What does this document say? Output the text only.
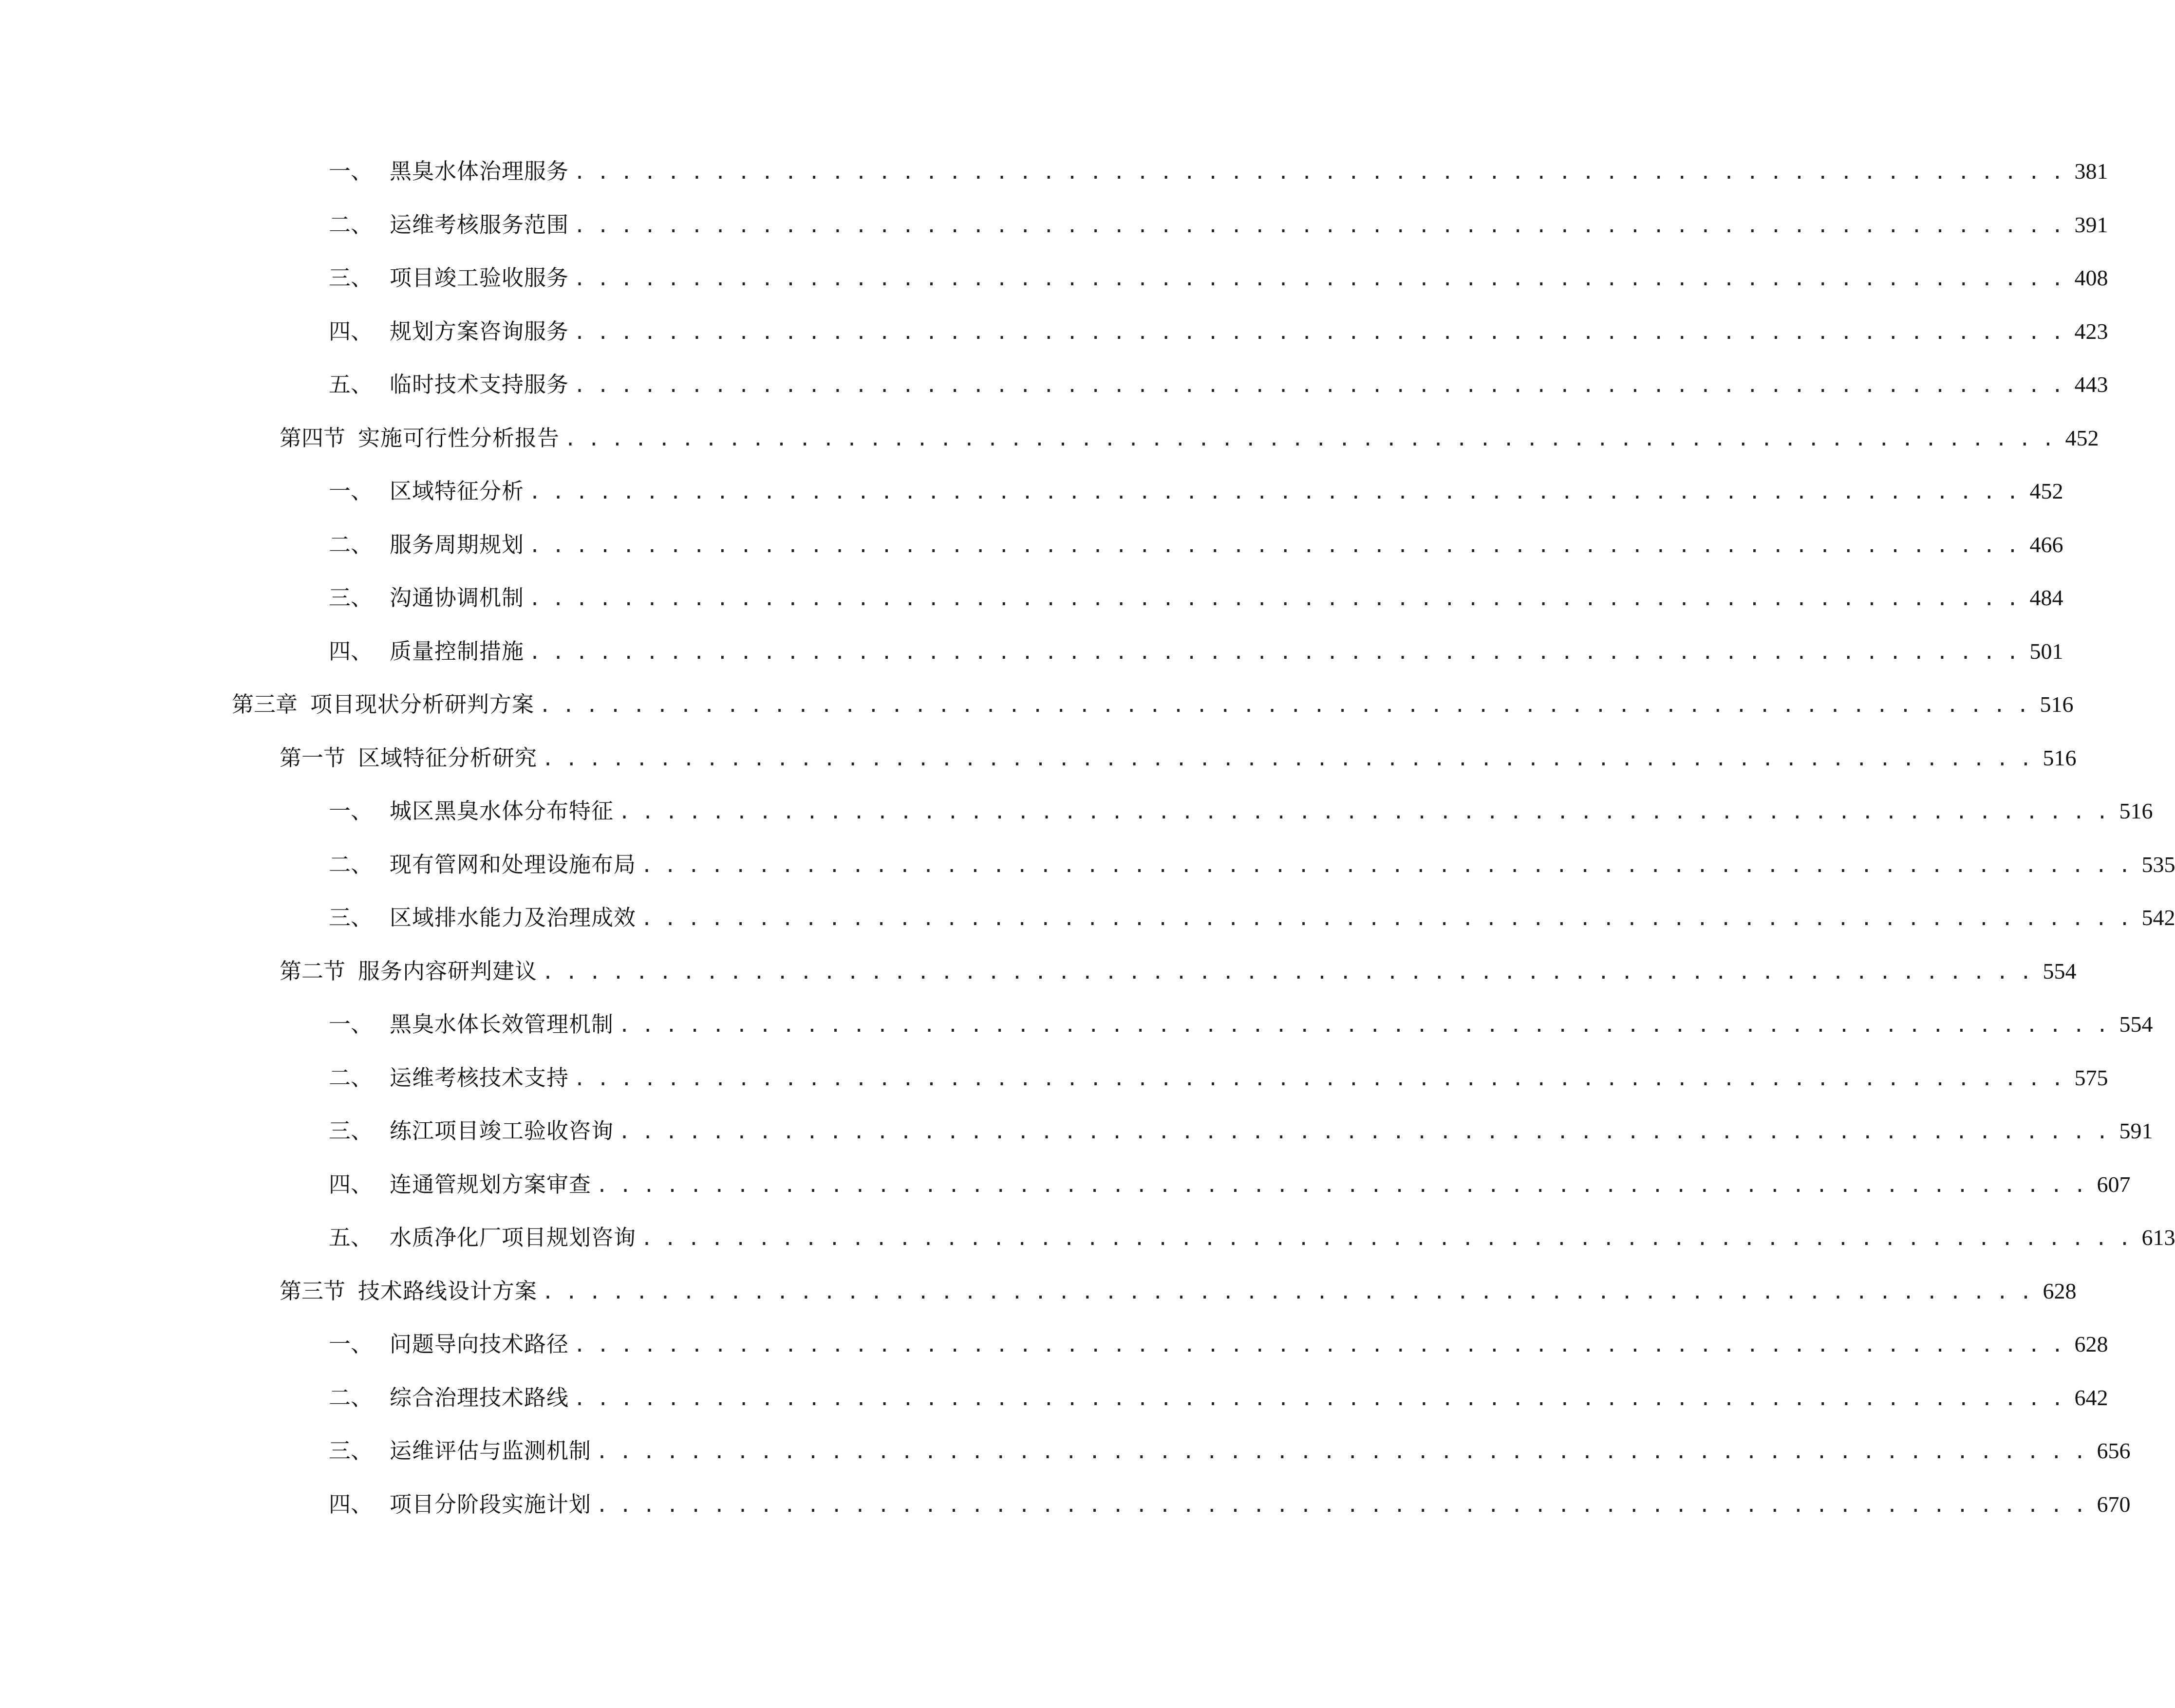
一、 黑臭水体治理服务 . . . . . . . . . . . . . . . . . . . . . . . . . . . . . . . . . . . . . . . . . . . . . . . . . . . . . . . . . . . . . . . . 381
二、 运维考核服务范围 . . . . . . . . . . . . . . . . . . . . . . . . . . . . . . . . . . . . . . . . . . . . . . . . . . . . . . . . . . . . . . . . 391
三、 项目竣工验收服务 . . . . . . . . . . . . . . . . . . . . . . . . . . . . . . . . . . . . . . . . . . . . . . . . . . . . . . . . . . . . . . . . 408
四、 规划方案咨询服务 . . . . . . . . . . . . . . . . . . . . . . . . . . . . . . . . . . . . . . . . . . . . . . . . . . . . . . . . . . . . . . . . 423
五、 临时技术支持服务 . . . . . . . . . . . . . . . . . . . . . . . . . . . . . . . . . . . . . . . . . . . . . . . . . . . . . . . . . . . . . . . . 443
第四节 实施可行性分析报告 . . . . . . . . . . . . . . . . . . . . . . . . . . . . . . . . . . . . . . . . . . . . . . . . . . . . . . . . . . . . . . . . 452
一、 区域特征分析 . . . . . . . . . . . . . . . . . . . . . . . . . . . . . . . . . . . . . . . . . . . . . . . . . . . . . . . . . . . . . . . . 452
二、 服务周期规划 . . . . . . . . . . . . . . . . . . . . . . . . . . . . . . . . . . . . . . . . . . . . . . . . . . . . . . . . . . . . . . . . 466
三、 沟通协调机制 . . . . . . . . . . . . . . . . . . . . . . . . . . . . . . . . . . . . . . . . . . . . . . . . . . . . . . . . . . . . . . . . 484
四、 质量控制措施 . . . . . . . . . . . . . . . . . . . . . . . . . . . . . . . . . . . . . . . . . . . . . . . . . . . . . . . . . . . . . . . . 501
第三章 项目现状分析研判方案 . . . . . . . . . . . . . . . . . . . . . . . . . . . . . . . . . . . . . . . . . . . . . . . . . . . . . . . . . . . . . . . . 516
第一节 区域特征分析研究 . . . . . . . . . . . . . . . . . . . . . . . . . . . . . . . . . . . . . . . . . . . . . . . . . . . . . . . . . . . . . . . . 516
一、 城区黑臭水体分布特征 . . . . . . . . . . . . . . . . . . . . . . . . . . . . . . . . . . . . . . . . . . . . . . . . . . . . . . . . . . . . . . . . 516
二、 现有管网和处理设施布局 . . . . . . . . . . . . . . . . . . . . . . . . . . . . . . . . . . . . . . . . . . . . . . . . . . . . . . . . . . . . . . . . 535
三、 区域排水能力及治理成效 . . . . . . . . . . . . . . . . . . . . . . . . . . . . . . . . . . . . . . . . . . . . . . . . . . . . . . . . . . . . . . . . 542
第二节 服务内容研判建议 . . . . . . . . . . . . . . . . . . . . . . . . . . . . . . . . . . . . . . . . . . . . . . . . . . . . . . . . . . . . . . . . 554
一、 黑臭水体长效管理机制 . . . . . . . . . . . . . . . . . . . . . . . . . . . . . . . . . . . . . . . . . . . . . . . . . . . . . . . . . . . . . . . . 554
二、 运维考核技术支持 . . . . . . . . . . . . . . . . . . . . . . . . . . . . . . . . . . . . . . . . . . . . . . . . . . . . . . . . . . . . . . . . 575
三、 练江项目竣工验收咨询 . . . . . . . . . . . . . . . . . . . . . . . . . . . . . . . . . . . . . . . . . . . . . . . . . . . . . . . . . . . . . . . . 591
四、 连通管规划方案审查 . . . . . . . . . . . . . . . . . . . . . . . . . . . . . . . . . . . . . . . . . . . . . . . . . . . . . . . . . . . . . . . . 607
五、 水质净化厂项目规划咨询 . . . . . . . . . . . . . . . . . . . . . . . . . . . . . . . . . . . . . . . . . . . . . . . . . . . . . . . . . . . . . . . . 613
第三节 技术路线设计方案 . . . . . . . . . . . . . . . . . . . . . . . . . . . . . . . . . . . . . . . . . . . . . . . . . . . . . . . . . . . . . . . . 628
一、 问题导向技术路径 . . . . . . . . . . . . . . . . . . . . . . . . . . . . . . . . . . . . . . . . . . . . . . . . . . . . . . . . . . . . . . . . 628
二、 综合治理技术路线 . . . . . . . . . . . . . . . . . . . . . . . . . . . . . . . . . . . . . . . . . . . . . . . . . . . . . . . . . . . . . . . . 642
三、 运维评估与监测机制 . . . . . . . . . . . . . . . . . . . . . . . . . . . . . . . . . . . . . . . . . . . . . . . . . . . . . . . . . . . . . . . . 656
四、 项目分阶段实施计划 . . . . . . . . . . . . . . . . . . . . . . . . . . . . . . . . . . . . . . . . . . . . . . . . . . . . . . . . . . . . . . . . 670
